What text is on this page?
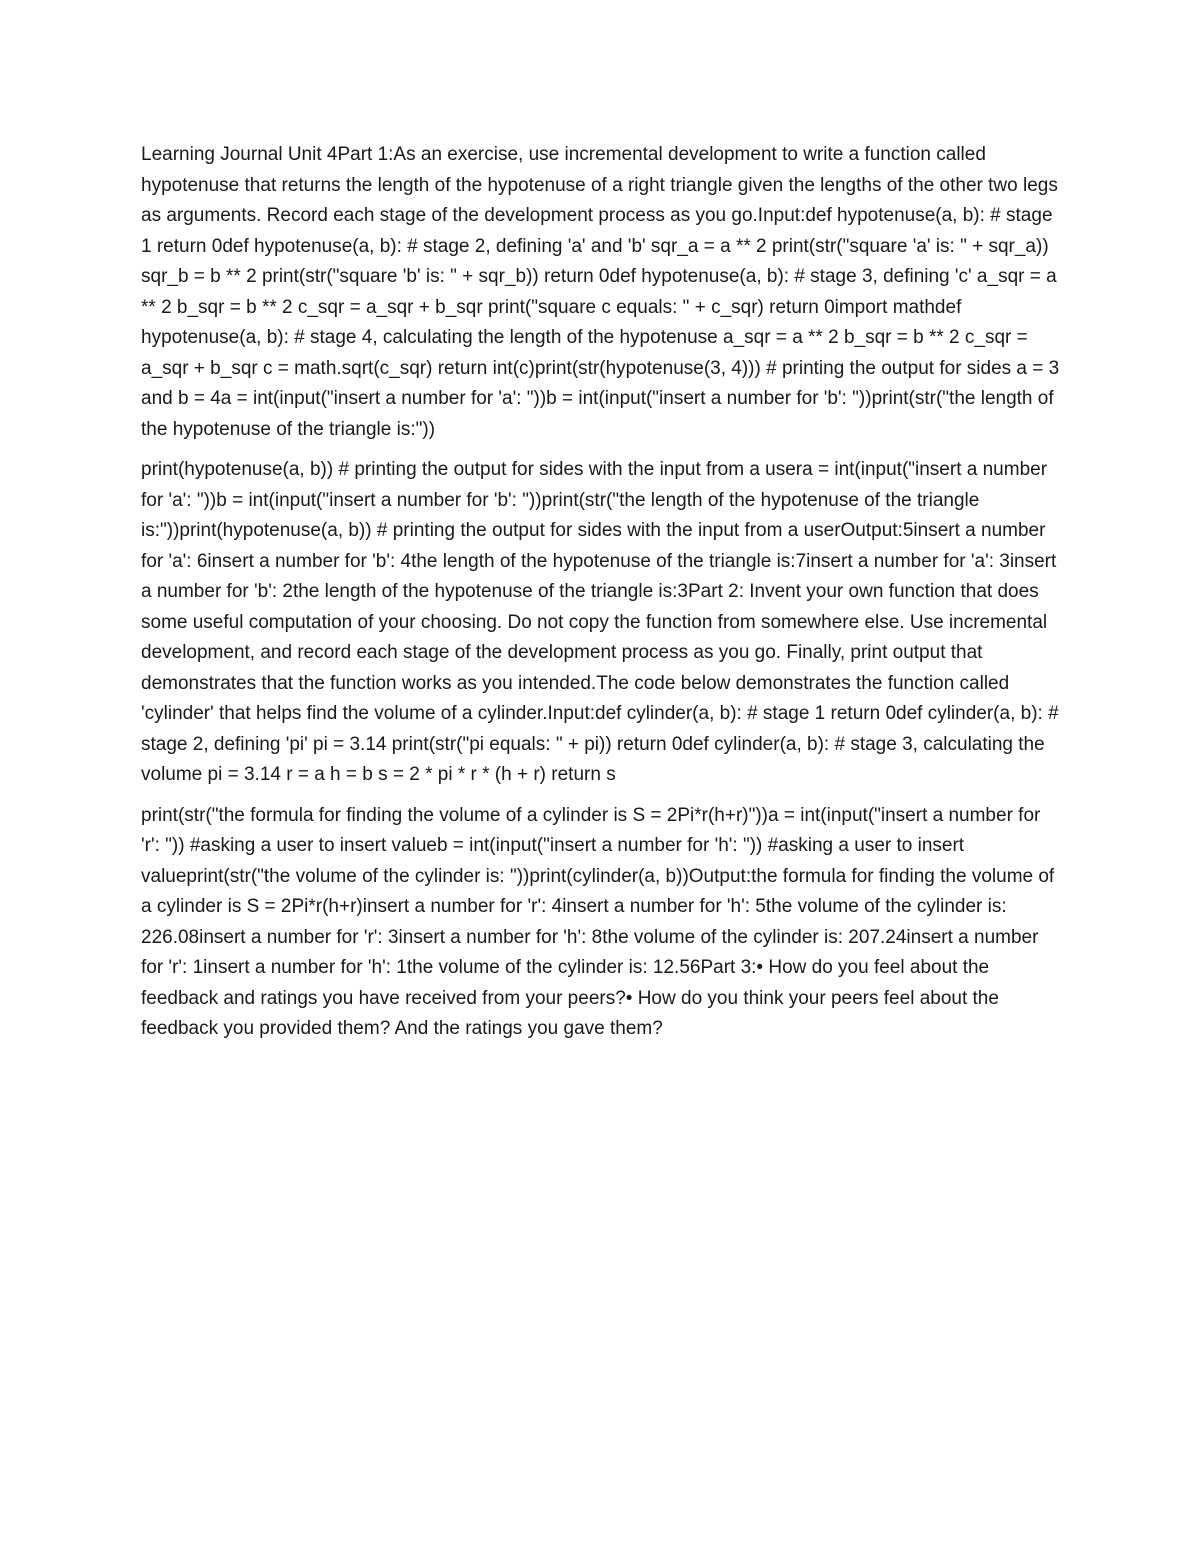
Learning Journal Unit 4Part 1:As an exercise, use incremental development to write a function called hypotenuse that returns the length of the hypotenuse of a right triangle given the lengths of the other two legs as arguments. Record each stage of the development process as you go.Input:def hypotenuse(a, b): # stage 1 return 0def hypotenuse(a, b): # stage 2, defining 'a' and 'b' sqr_a = a ** 2 print(str("square 'a' is: " + sqr_a)) sqr_b = b ** 2 print(str("square 'b' is: " + sqr_b)) return 0def hypotenuse(a, b): # stage 3, defining 'c' a_sqr = a ** 2 b_sqr = b ** 2 c_sqr = a_sqr + b_sqr print("square c equals: " + c_sqr) return 0import mathdef hypotenuse(a, b): # stage 4, calculating the length of the hypotenuse a_sqr = a ** 2 b_sqr = b ** 2 c_sqr = a_sqr + b_sqr c = math.sqrt(c_sqr) return int(c)print(str(hypotenuse(3, 4))) # printing the output for sides a = 3 and b = 4a = int(input("insert a number for 'a': "))b = int(input("insert a number for 'b': "))print(str("the length of the hypotenuse of the triangle is:"))

print(hypotenuse(a, b)) # printing the output for sides with the input from a usera = int(input("insert a number for 'a': "))b = int(input("insert a number for 'b': "))print(str("the length of the hypotenuse of the triangle is:"))print(hypotenuse(a, b)) # printing the output for sides with the input from a userOutput:5insert a number for 'a': 6insert a number for 'b': 4the length of the hypotenuse of the triangle is:7insert a number for 'a': 3insert a number for 'b': 2the length of the hypotenuse of the triangle is:3Part 2: Invent your own function that does some useful computation of your choosing. Do not copy the function from somewhere else. Use incremental development, and record each stage of the development process as you go. Finally, print output that demonstrates that the function works as you intended.The code below demonstrates the function called 'cylinder' that helps find the volume of a cylinder.Input:def cylinder(a, b): # stage 1 return 0def cylinder(a, b): # stage 2, defining 'pi' pi = 3.14 print(str("pi equals: " + pi)) return 0def cylinder(a, b): # stage 3, calculating the volume pi = 3.14 r = a h = b s = 2 * pi * r * (h + r) return s

print(str("the formula for finding the volume of a cylinder is S = 2Pi*r(h+r)"))a = int(input("insert a number for 'r': ")) #asking a user to insert valueb = int(input("insert a number for 'h': ")) #asking a user to insert valueprint(str("the volume of the cylinder is: "))print(cylinder(a, b))Output:the formula for finding the volume of a cylinder is S = 2Pi*r(h+r)insert a number for 'r': 4insert a number for 'h': 5the volume of the cylinder is: 226.08insert a number for 'r': 3insert a number for 'h': 8the volume of the cylinder is: 207.24insert a number for 'r': 1insert a number for 'h': 1the volume of the cylinder is: 12.56Part 3:• How do you feel about the feedback and ratings you have received from your peers?• How do you think your peers feel about the feedback you provided them? And the ratings you gave them?
